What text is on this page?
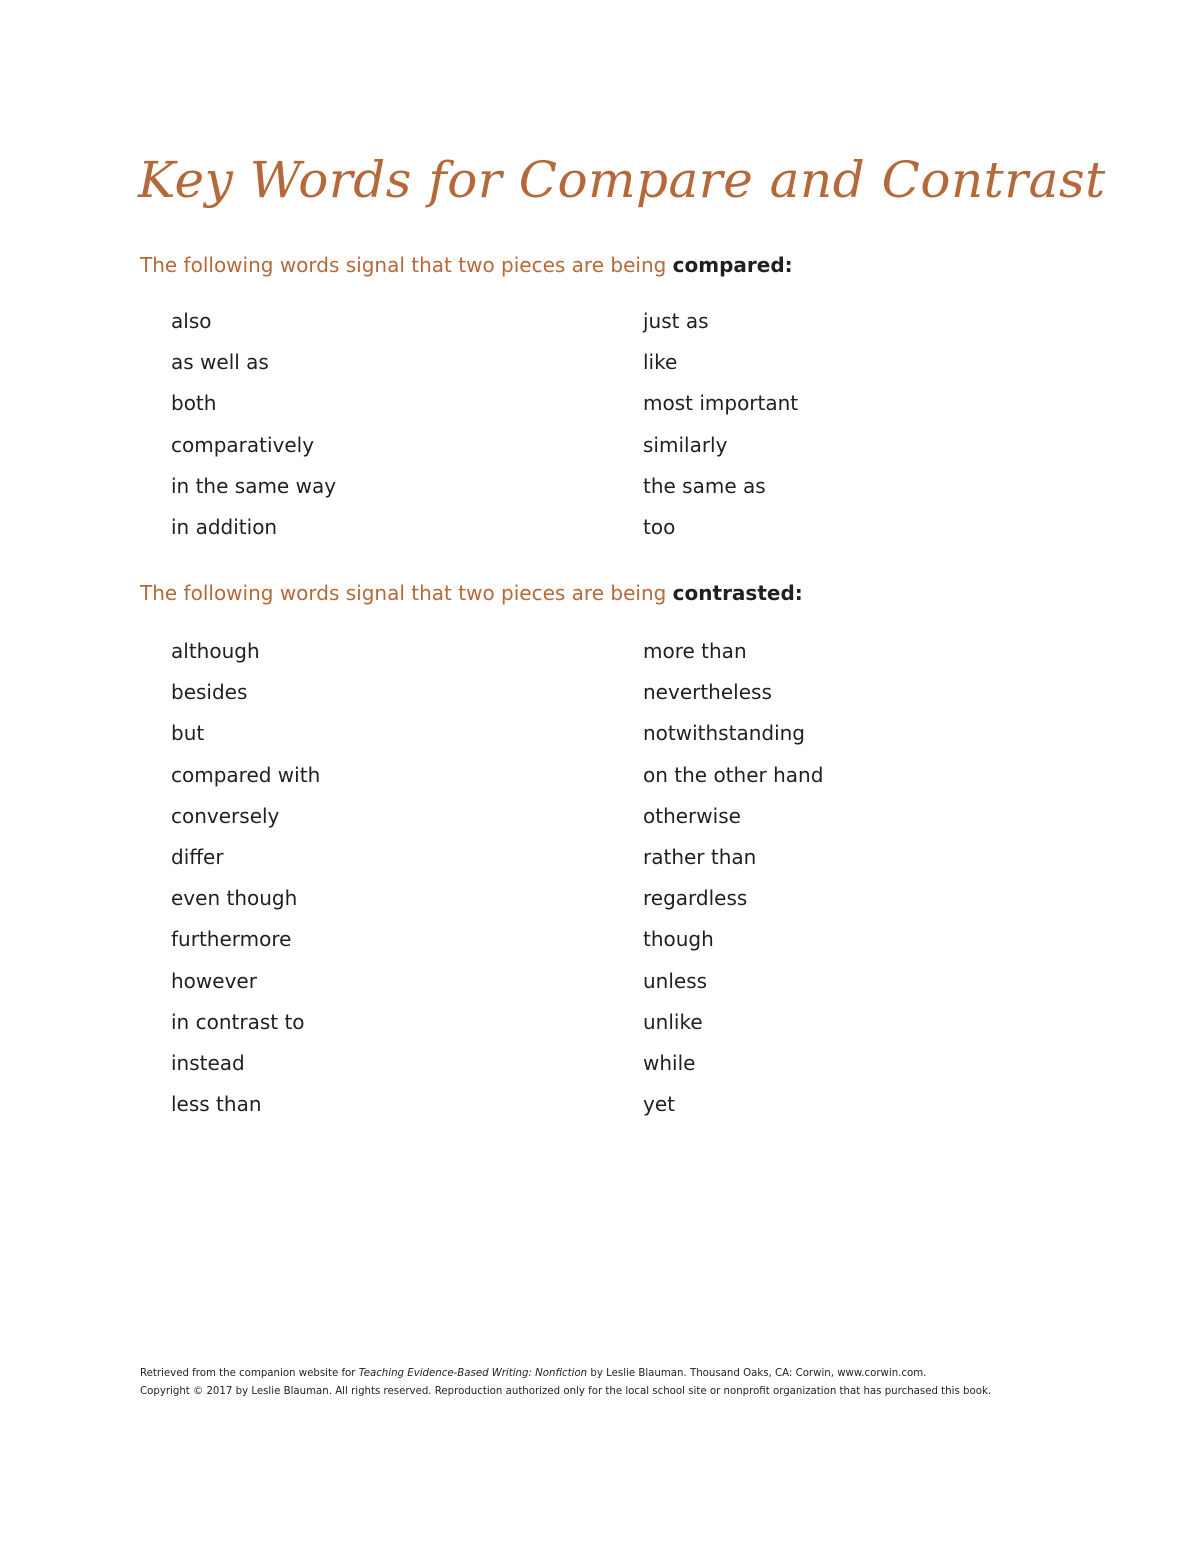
Key Words for Compare and Contrast
The following words signal that two pieces are being compared:
also
as well as
both
comparatively
in the same way
in addition
just as
like
most important
similarly
the same as
too
The following words signal that two pieces are being contrasted:
although
besides
but
compared with
conversely
differ
even though
furthermore
however
in contrast to
instead
less than
more than
nevertheless
notwithstanding
on the other hand
otherwise
rather than
regardless
though
unless
unlike
while
yet

Retrieved from the companion website for Teaching Evidence-Based Writing: Nonfiction by Leslie Blauman. Thousand Oaks, CA: Corwin, www.corwin.com.

Copyright © 2017 by Leslie Blauman. All rights reserved. Reproduction authorized only for the local school site or nonprofit organization that has purchased this book.
